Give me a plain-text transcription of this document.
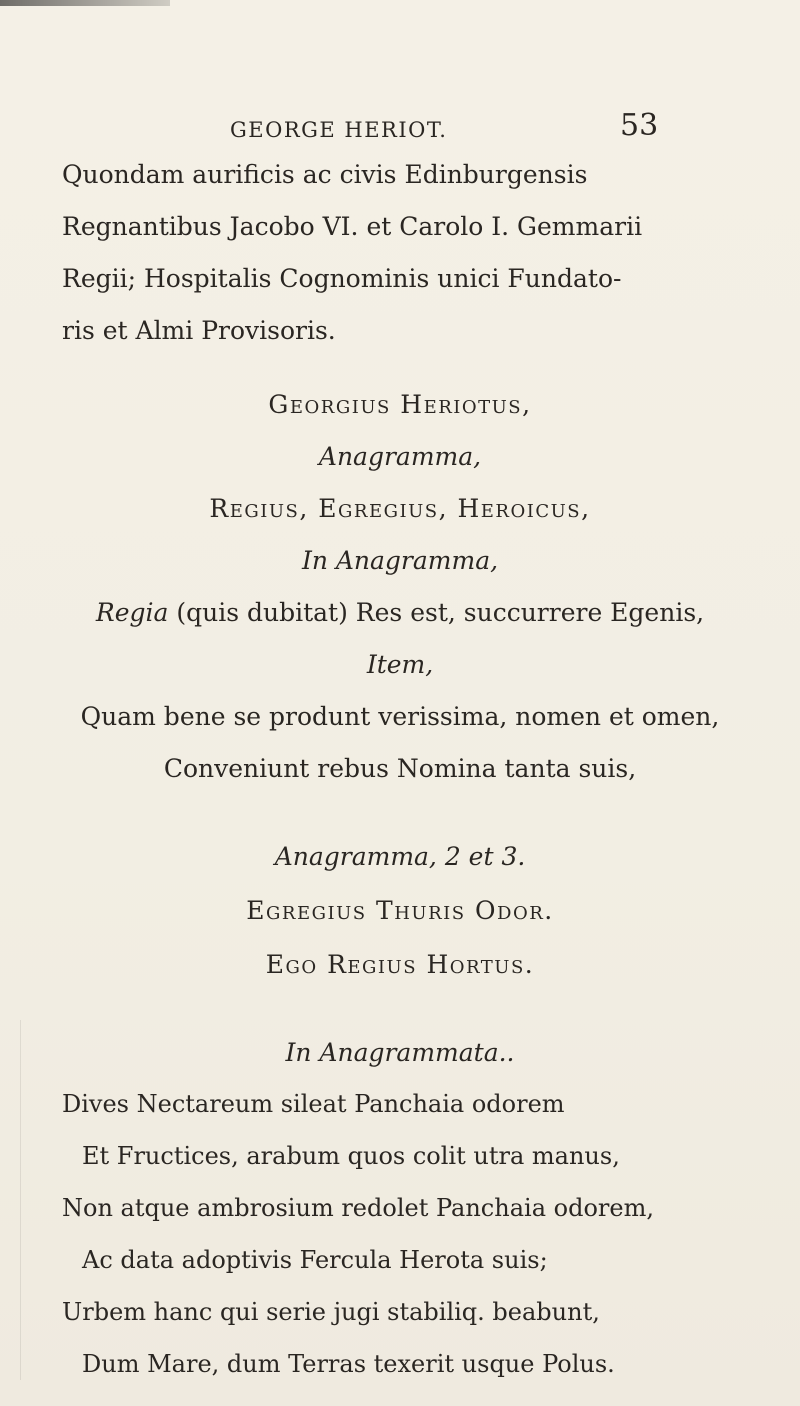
GEORGE HERIOT.	53
Quondam aurificis ac civis Edinburgensis
Regnantibus Jacobo VI. et Carolo I. Gemmarii
Regii; Hospitalis Cognominis unici Fundato-
ris et Almi Provisoris.
Georgius Heriotus,
Anagramma,
Regius, Egregius, Heroicus,
In Anagramma,
Regia (quis dubitat) Res est, succurrere Egenis,
Item,
Quam bene se produnt verissima, nomen et omen,
Conveniunt rebus Nomina tanta suis,
Anagramma, 2 et 3.
Egregius Thuris Odor.
Ego Regius Hortus.
In Anagrammata..
Dives Nectareum sileat Panchaia odorem
Et Fructices, arabum quos colit utra manus,
Non atque ambrosium redolet Panchaia odorem,
Ac data adoptivis Fercula Herota suis;
Urbem hanc qui serie jugi stabiliq. beabunt,
Dum Mare, dum Terras texerit usque Polus.
